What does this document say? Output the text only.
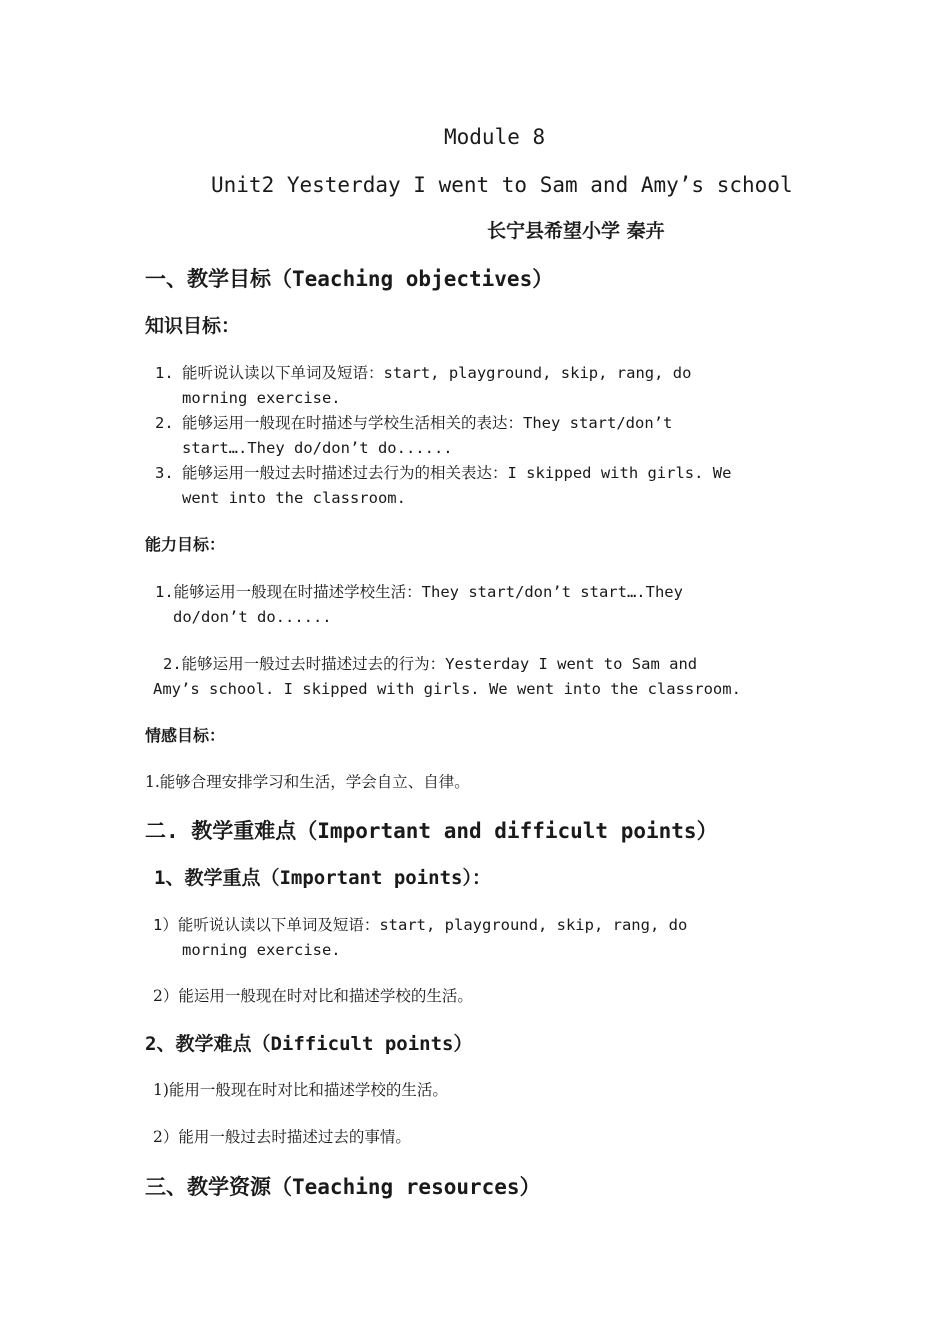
Module 8
Unit2 Yesterday I went to Sam and Amy’s school
长宁县希望小学 秦卉
一、教学目标（Teaching objectives）
知识目标：
1. 能听说认读以下单词及短语：start, playground, skip, rang, do
morning exercise.
2. 能够运用一般现在时描述与学校生活相关的表达：They start/don’t
start….They do/don’t do......
3. 能够运用一般过去时描述过去行为的相关表达：I skipped with girls. We
went into the classroom.
能力目标：
1.能够运用一般现在时描述学校生活：They start/don’t start….They
do/don’t do......
2.能够运用一般过去时描述过去的行为：Yesterday I went to Sam and
Amy’s school. I skipped with girls. We went into the classroom.
情感目标：
1.能够合理安排学习和生活，学会自立、自律。
二. 教学重难点（Important and difficult points）
1、教学重点（Important points）：
1）能听说认读以下单词及短语：start, playground, skip, rang, do
morning exercise.
2）能运用一般现在时对比和描述学校的生活。
2、教学难点（Difficult points）
1)能用一般现在时对比和描述学校的生活。
2）能用一般过去时描述过去的事情。
三、教学资源（Teaching resources）
